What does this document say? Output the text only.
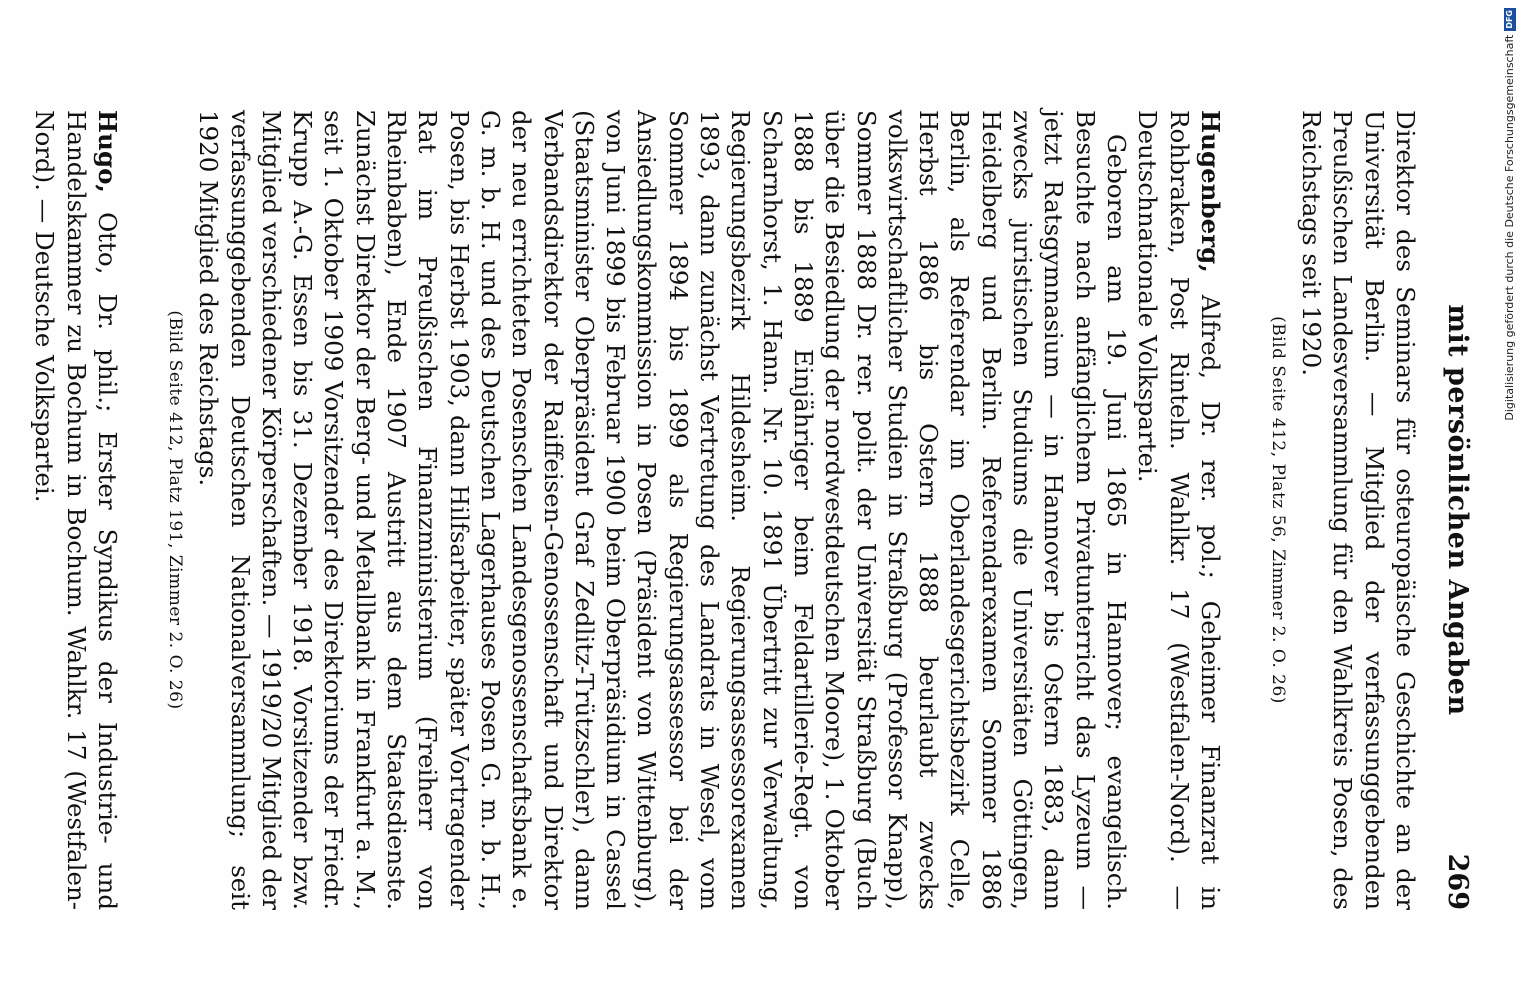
mit persönlichen Angaben
269

Direktor des Seminars für osteuropäische Geschichte an der Universität Berlin. — Mitglied der verfassunggebenden Preußischen Landesversammlung für den Wahlkreis Posen, des Reichstags seit 1920.

(Bild Seite 412, Platz 56, Zimmer 2. O. 26)

Hugenberg, Alfred, Dr. rer. pol.; Geheimer Finanzrat in Rohbraken, Post Rinteln. Wahlkr. 17 (Westfalen-Nord). — Deutschnationale Volkspartei.

Geboren am 19. Juni 1865 in Hannover; evangelisch. Besuchte nach anfänglichem Privatunterricht das Lyzeum — jetzt Ratsgymnasium — in Hannover bis Ostern 1883, dann zwecks juristischen Studiums die Universitäten Göttingen, Heidelberg und Berlin. Referendarexamen Sommer 1886 Berlin, als Referendar im Oberlandesgerichtsbezirk Celle, Herbst 1886 bis Ostern 1888 beurlaubt zwecks volkswirtschaftlicher Studien in Straßburg (Professor Knapp), Sommer 1888 Dr. rer. polit. der Universität Straßburg (Buch über die Besiedlung der nordwestdeutschen Moore), 1. Oktober 1888 bis 1889 Einjähriger beim Feldartillerie-Regt. von Scharnhorst, 1. Hann. Nr. 10. 1891 Übertritt zur Verwaltung, Regierungsbezirk Hildesheim. Regierungsassessorexamen 1893, dann zunächst Vertretung des Landrats in Wesel, vom Sommer 1894 bis 1899 als Regierungsassessor bei der Ansiedlungskommission in Posen (Präsident von Wittenburg), von Juni 1899 bis Februar 1900 beim Oberpräsidium in Cassel (Staatsminister Oberpräsident Graf Zedlitz-Trützschler), dann Verbandsdirektor der Raiffeisen-Genossenschaft und Direktor der neu errichteten Posenschen Landesgenossenschaftsbank e. G. m. b. H. und des Deutschen Lagerhauses Posen G. m. b. H., Posen, bis Herbst 1903, dann Hilfsarbeiter, später Vortragender Rat im Preußischen Finanzministerium (Freiherr von Rheinbaben), Ende 1907 Austritt aus dem Staatsdienste. Zunächst Direktor der Berg- und Metallbank in Frankfurt a. M., seit 1. Oktober 1909 Vorsitzender des Direktoriums der Friedr. Krupp A.-G. Essen bis 31. Dezember 1918. Vorsitzender bzw. Mitglied verschiedener Körperschaften. — 1919/20 Mitglied der verfassunggebenden Deutschen Nationalversammlung; seit 1920 Mitglied des Reichstags.

(Bild Seite 412, Platz 191, Zimmer 2. O. 26)

Hugo, Otto, Dr. phil.; Erster Syndikus der Industrie- und Handelskammer zu Bochum in Bochum. Wahlkr. 17 (Westfalen-Nord). — Deutsche Volkspartei.	Digitalisierung gefördert durch die Deutsche ForschungsgemeinschaftDFG
